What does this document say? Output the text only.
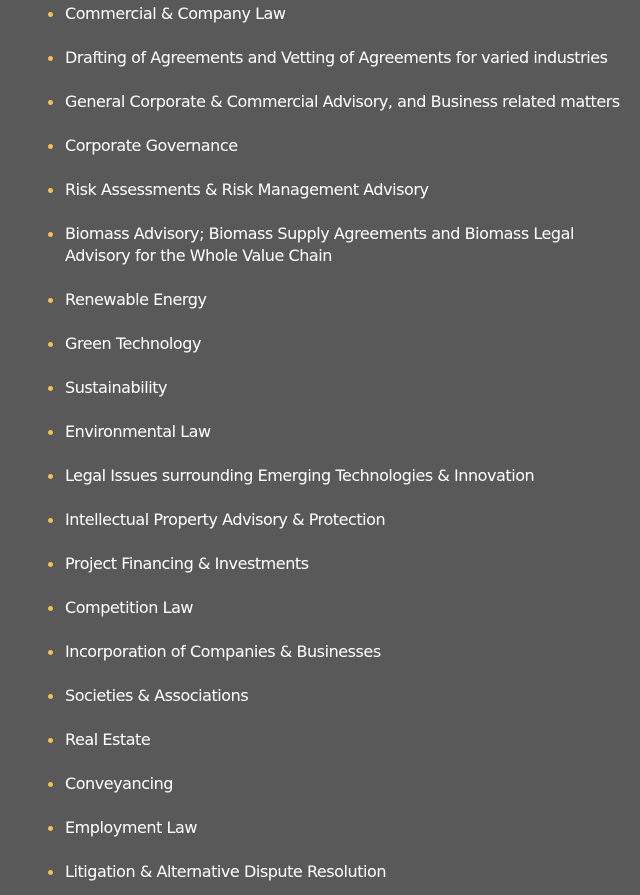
Commercial & Company Law
Drafting of Agreements and Vetting of Agreements for varied industries
General Corporate & Commercial Advisory, and Business related matters
Corporate Governance
Risk Assessments & Risk Management Advisory
Biomass Advisory; Biomass Supply Agreements and Biomass Legal Advisory for the Whole Value Chain
Renewable Energy
Green Technology
Sustainability
Environmental Law
Legal Issues surrounding Emerging Technologies & Innovation
Intellectual Property Advisory & Protection
Project Financing & Investments
Competition Law
Incorporation of Companies & Businesses
Societies & Associations
Real Estate
Conveyancing
Employment Law
Litigation & Alternative Dispute Resolution
